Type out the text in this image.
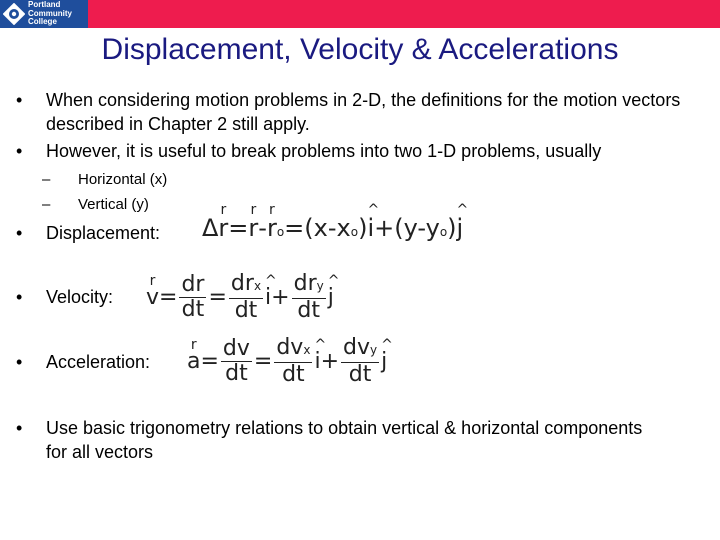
Portland
Community
College
Displacement, Velocity & Accelerations
• When considering motion problems in 2-D, the definitions for the motion vectors described in Chapter 2 still apply.
• However, it is useful to break problems into two 1-D problems, usually
– Horizontal (x)
– Vertical (y)
• Displacement:
• Velocity:
• Acceleration:
Δ
r
r=
r
r-
r
ro=(x-xo)
^
i+(y-yo)
^
j
r
$v = \frac{dr}{dt} = \frac{\text{drx}}{dt}$ ^
$i + \frac{\text{dry}}{dt}$ ^
j
r
$a = \frac{dv}{dt} = \frac{\text{dvx}}{dt}$ ^
$i + \frac{\text{dvy}}{dt}$ ^
j
• Use basic trigonometry relations to obtain vertical & horizontal components for all vectors
